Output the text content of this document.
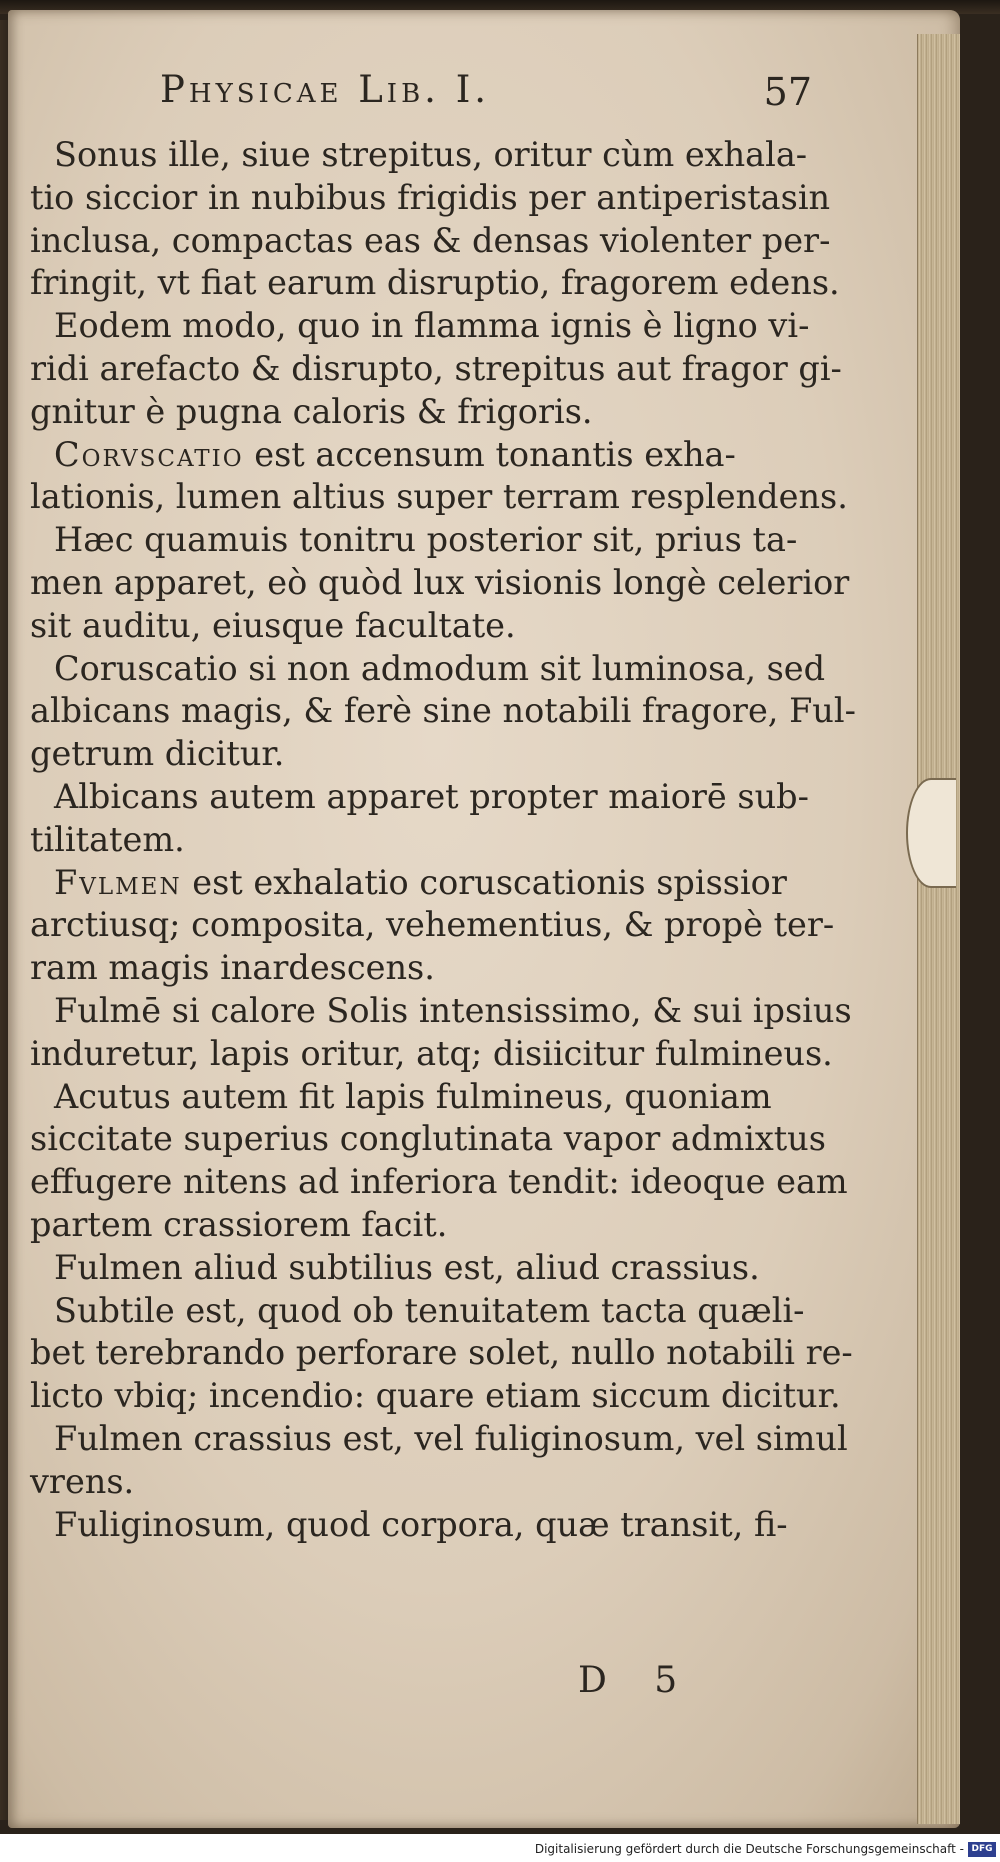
Physicae Lib. I.	57
Sonus ille, siue strepitus, oritur cùm exhala-
tio siccior in nubibus frigidis per antiperistasin
inclusa, compactas eas & densas violenter per-
fringit, vt fiat earum disruptio, fragorem edens.
Eodem modo, quo in flamma ignis è ligno vi-
ridi arefacto & disrupto, strepitus aut fragor gi-
gnitur è pugna caloris & frigoris.
Corvscatio est accensum tonantis exha-
lationis, lumen altius super terram resplendens.
Hæc quamuis tonitru posterior sit, prius ta-
men apparet, eò quòd lux visionis longè celerior
sit auditu, eiusque facultate.
Coruscatio si non admodum sit luminosa, sed
albicans magis, & ferè sine notabili fragore, Ful-
getrum dicitur.
Albicans autem apparet propter maiorē sub-
tilitatem.
Fvlmen est exhalatio coruscationis spissior
arctiusq; composita, vehementius, & propè ter-
ram magis inardescens.
Fulmē si calore Solis intensissimo, & sui ipsius
induretur, lapis oritur, atq; disiicitur fulmineus.
Acutus autem fit lapis fulmineus, quoniam
siccitate superius conglutinata vapor admixtus
effugere nitens ad inferiora tendit: ideoque eam
partem crassiorem facit.
Fulmen aliud subtilius est, aliud crassius.
Subtile est, quod ob tenuitatem tacta quæli-
bet terebrando perforare solet, nullo notabili re-
licto vbiq; incendio: quare etiam siccum dicitur.
Fulmen crassius est, vel fuliginosum, vel simul
vrens.
Fuliginosum, quod corpora, quæ transit, fi-
D 5
Digitalisierung gefördert durch die Deutsche Forschungsgemeinschaft - DFG
